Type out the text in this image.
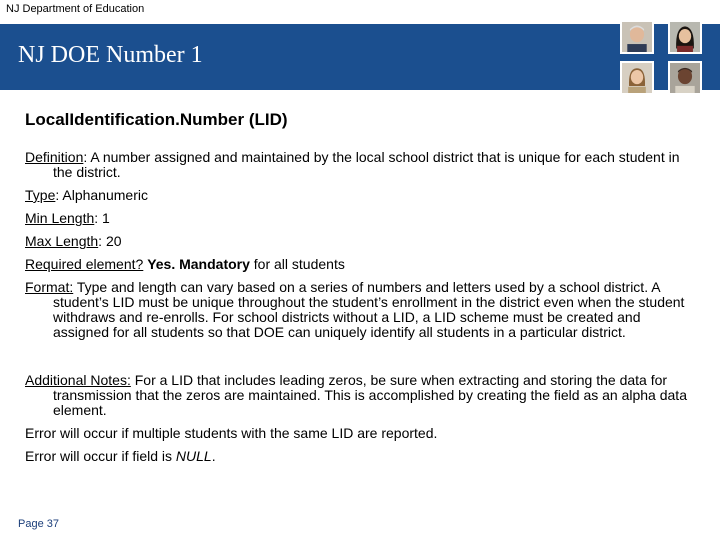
NJ Department of Education
NJ DOE Number 1
LocalIdentification.Number (LID)
Definition: A number assigned and maintained by the local school district that is unique for each student in the district.
Type: Alphanumeric
Min Length: 1
Max Length: 20
Required element? Yes. Mandatory for all students
Format: Type and length can vary based on a series of numbers and letters used by a school district. A student’s LID must be unique throughout the student’s enrollment in the district even when the student withdraws and re-enrolls. For school districts without a LID, a LID scheme must be created and assigned for all students so that DOE can uniquely identify all students in a particular district.
Additional Notes: For a LID that includes leading zeros, be sure when extracting and storing the data for transmission that the zeros are maintained. This is accomplished by creating the field as an alpha data element.
Error will occur if multiple students with the same LID are reported.
Error will occur if field is NULL.
Page 37
